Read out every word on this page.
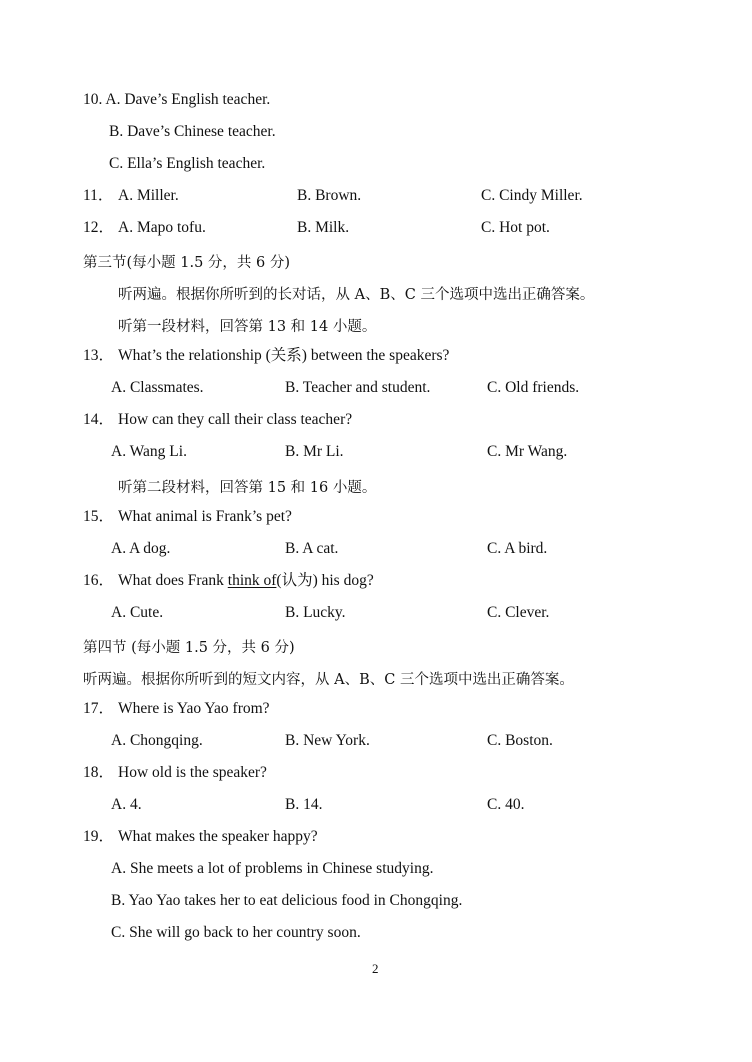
10. A. Dave’s English teacher.
B. Dave’s Chinese teacher.
C. Ella’s English teacher.
11． A. Miller.	B. Brown.	C. Cindy Miller.
12． A. Mapo tofu.	B. Milk.	C. Hot pot.
第三节(每小题 1.5 分，共 6 分)
听两遍。根据你所听到的长对话，从 A、B、C 三个选项中选出正确答案。
听第一段材料，回答第 13 和 14 小题。
13． What’s the relationship (关系) between the speakers?
A. Classmates.	B. Teacher and student.	C. Old friends.
14． How can they call their class teacher?
A. Wang Li.	B. Mr Li.	C. Mr Wang.
听第二段材料，回答第 15 和 16 小题。
15． What animal is Frank’s pet?
A. A dog.	B. A cat.	C. A bird.
16． What does Frank think of(认为) his dog?
A. Cute.	B. Lucky.	C. Clever.
第四节 (每小题 1.5 分，共 6 分)
听两遍。根据你所听到的短文内容，从 A、B、C 三个选项中选出正确答案。
17． Where is Yao Yao from?
A. Chongqing.	B. New York.	C. Boston.
18． How old is the speaker?
A. 4.	B. 14.	C. 40.
19． What makes the speaker happy?
A. She meets a lot of problems in Chinese studying.
B. Yao Yao takes her to eat delicious food in Chongqing.
C. She will go back to her country soon.
2
